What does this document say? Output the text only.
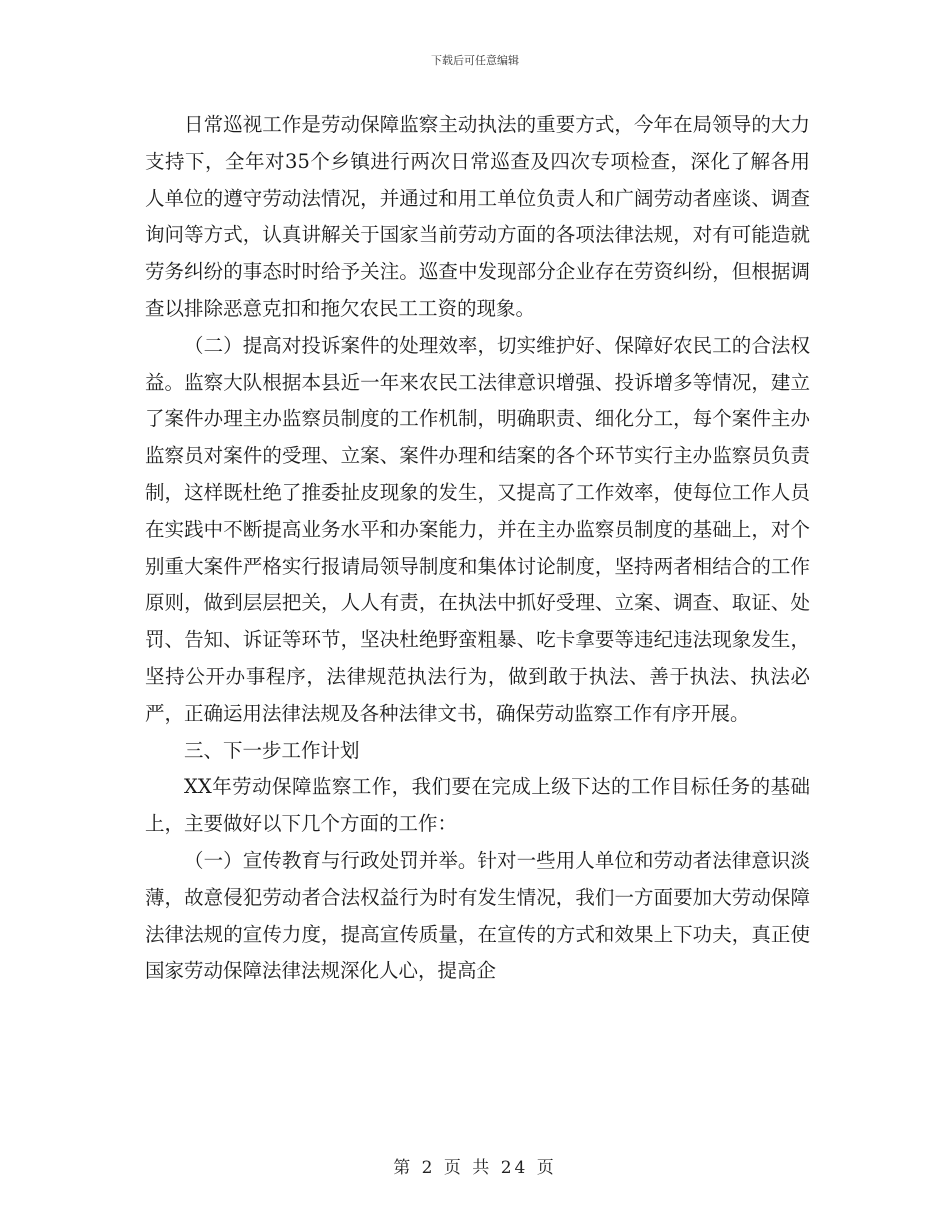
下载后可任意编辑

日常巡视工作是劳动保障监察主动执法的重要方式，今年在局领导的大力支持下，全年对35个乡镇进行两次日常巡查及四次专项检查，深化了解各用人单位的遵守劳动法情况，并通过和用工单位负责人和广阔劳动者座谈、调查询问等方式，认真讲解关于国家当前劳动方面的各项法律法规，对有可能造就劳务纠纷的事态时时给予关注。巡查中发现部分企业存在劳资纠纷，但根据调查以排除恶意克扣和拖欠农民工工资的现象。

（二）提高对投诉案件的处理效率，切实维护好、保障好农民工的合法权益。监察大队根据本县近一年来农民工法律意识增强、投诉增多等情况，建立了案件办理主办监察员制度的工作机制，明确职责、细化分工，每个案件主办监察员对案件的受理、立案、案件办理和结案的各个环节实行主办监察员负责制，这样既杜绝了推委扯皮现象的发生，又提高了工作效率，使每位工作人员在实践中不断提高业务水平和办案能力，并在主办监察员制度的基础上，对个别重大案件严格实行报请局领导制度和集体讨论制度，坚持两者相结合的工作原则，做到层层把关，人人有责，在执法中抓好受理、立案、调查、取证、处罚、告知、诉证等环节，坚决杜绝野蛮粗暴、吃卡拿要等违纪违法现象发生，坚持公开办事程序，法律规范执法行为，做到敢于执法、善于执法、执法必严，正确运用法律法规及各种法律文书，确保劳动监察工作有序开展。

三、下一步工作计划

XX年劳动保障监察工作，我们要在完成上级下达的工作目标任务的基础上，主要做好以下几个方面的工作：

（一）宣传教育与行政处罚并举。针对一些用人单位和劳动者法律意识淡薄，故意侵犯劳动者合法权益行为时有发生情况，我们一方面要加大劳动保障法律法规的宣传力度，提高宣传质量，在宣传的方式和效果上下功夫，真正使国家劳动保障法律法规深化人心，提高企

第 2 页 共 24 页
